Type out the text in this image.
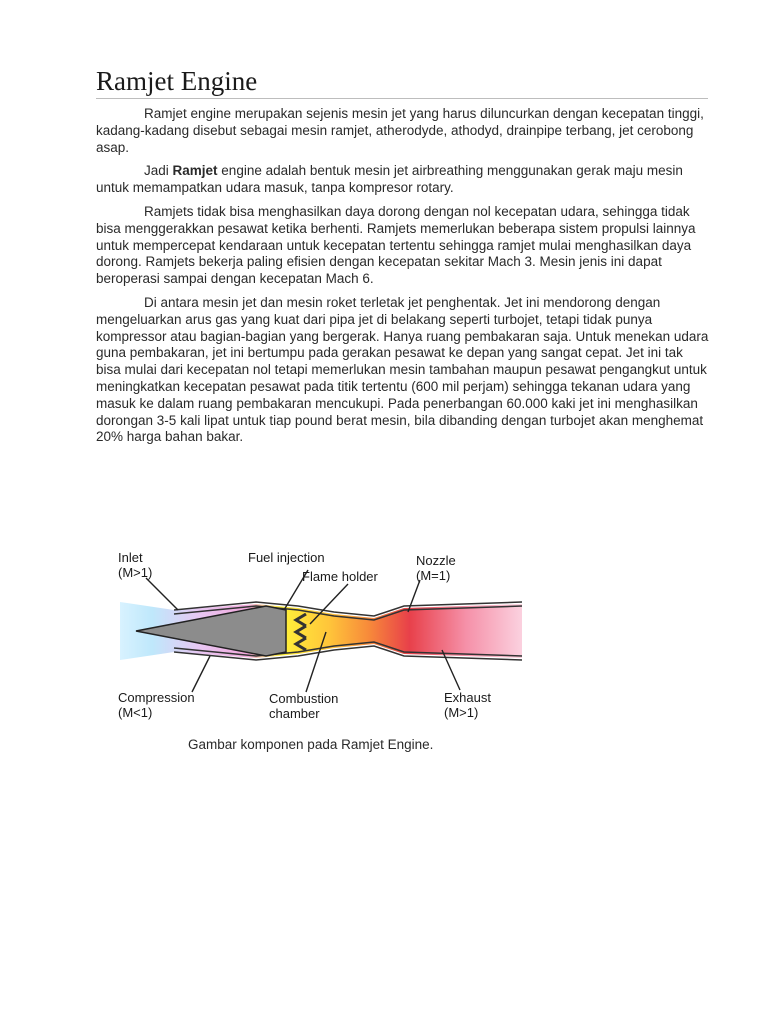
Ramjet Engine

Ramjet engine merupakan sejenis mesin jet yang harus diluncurkan dengan kecepatan tinggi, kadang-kadang disebut sebagai mesin ramjet, atherodyde, athodyd, drainpipe terbang, jet cerobong asap.

Jadi Ramjet engine adalah bentuk mesin jet airbreathing menggunakan gerak maju mesin untuk memampatkan udara masuk, tanpa kompresor rotary.

Ramjets tidak bisa menghasilkan daya dorong dengan nol kecepatan udara, sehingga tidak bisa menggerakkan pesawat ketika berhenti. Ramjets memerlukan beberapa sistem propulsi lainnya untuk mempercepat kendaraan untuk kecepatan tertentu sehingga ramjet mulai menghasilkan daya dorong. Ramjets bekerja paling efisien dengan kecepatan sekitar Mach 3. Mesin jenis ini dapat beroperasi sampai dengan kecepatan Mach 6.

Di antara mesin jet dan mesin roket terletak jet penghentak. Jet ini mendorong dengan mengeluarkan arus gas yang kuat dari pipa jet di belakang seperti turbojet, tetapi tidak punya kompressor atau bagian-bagian yang bergerak. Hanya ruang pembakaran saja. Untuk menekan udara guna pembakaran, jet ini bertumpu pada gerakan pesawat ke depan yang sangat cepat. Jet ini tak bisa mulai dari kecepatan nol tetapi memerlukan mesin tambahan maupun pesawat pengangkut untuk meningkatkan kecepatan pesawat pada titik tertentu (600 mil perjam) sehingga tekanan udara yang masuk ke dalam ruang pembakaran mencukupi. Pada penerbangan 60.000 kaki jet ini menghasilkan dorongan 3-5 kali lipat untuk tiap pound berat mesin, bila dibanding dengan turbojet akan menghemat 20% harga bahan bakar.

Inlet
(M>1)
Fuel injection
Flame holder
Nozzle
(M=1)
Compression
(M<1)
Combustion
chamber
Exhaust
(M>1)
Gambar komponen pada Ramjet Engine.
